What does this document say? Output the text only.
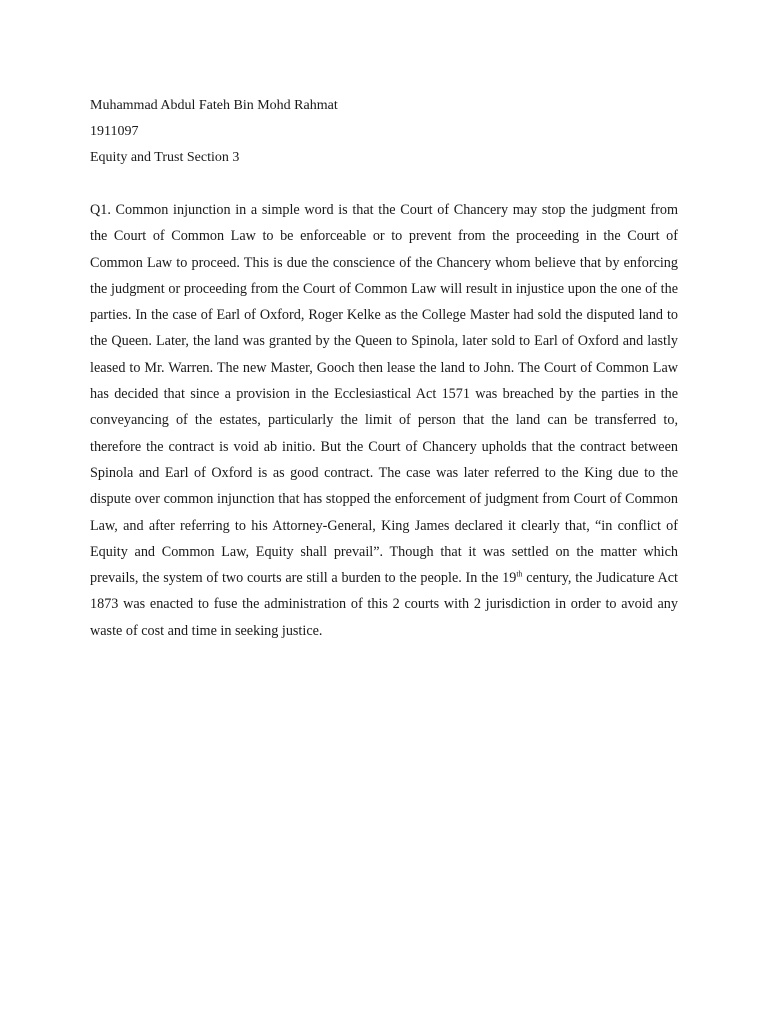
Muhammad Abdul Fateh Bin Mohd Rahmat
1911097
Equity and Trust Section 3

Q1. Common injunction in a simple word is that the Court of Chancery may stop the judgment from the Court of Common Law to be enforceable or to prevent from the proceeding in the Court of Common Law to proceed. This is due the conscience of the Chancery whom believe that by enforcing the judgment or proceeding from the Court of Common Law will result in injustice upon the one of the parties. In the case of Earl of Oxford, Roger Kelke as the College Master had sold the disputed land to the Queen. Later, the land was granted by the Queen to Spinola, later sold to Earl of Oxford and lastly leased to Mr. Warren. The new Master, Gooch then lease the land to John. The Court of Common Law has decided that since a provision in the Ecclesiastical Act 1571 was breached by the parties in the conveyancing of the estates, particularly the limit of person that the land can be transferred to, therefore the contract is void ab initio. But the Court of Chancery upholds that the contract between Spinola and Earl of Oxford is as good contract. The case was later referred to the King due to the dispute over common injunction that has stopped the enforcement of judgment from Court of Common Law, and after referring to his Attorney-General, King James declared it clearly that, “in conflict of Equity and Common Law, Equity shall prevail”. Though that it was settled on the matter which prevails, the system of two courts are still a burden to the people. In the 19th century, the Judicature Act 1873 was enacted to fuse the administration of this 2 courts with 2 jurisdiction in order to avoid any waste of cost and time in seeking justice.
